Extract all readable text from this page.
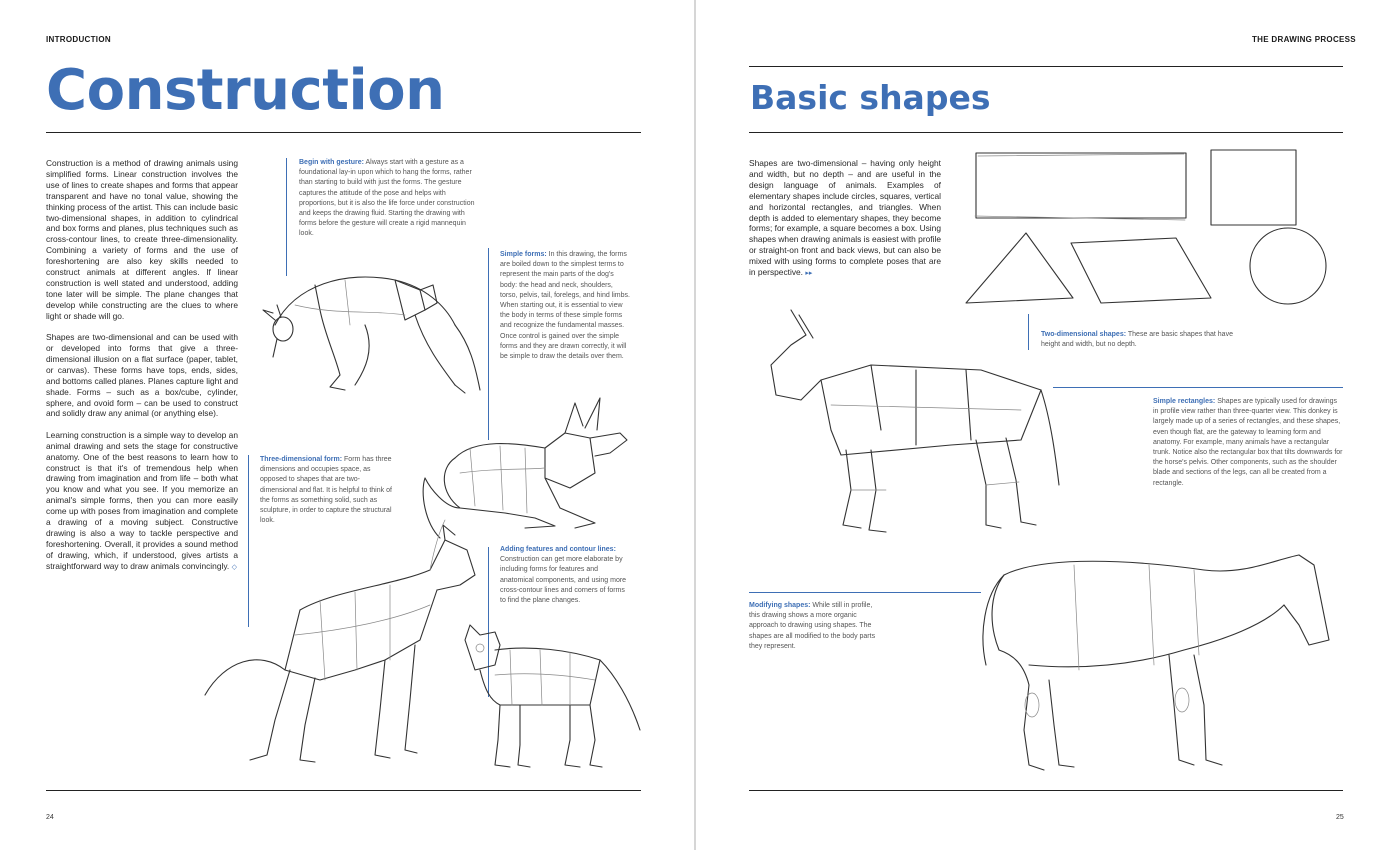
INTRODUCTION
Construction

Construction is a method of drawing animals using simplified forms. Linear construction involves the use of lines to create shapes and forms that appear transparent and have no tonal value, showing the thinking process of the artist. This can include basic two-dimensional shapes, in addition to cylindrical and box forms and planes, plus techniques such as cross-contour lines, to create three-dimensionality. Combining a variety of forms and the use of foreshortening are also key skills needed to construct animals at different angles. If linear construction is well stated and understood, adding tone later will be simple. The plane changes that develop while constructing are the clues to where light or shade will go.

Shapes are two-dimensional and can be used with or developed into forms that give a three-dimensional illusion on a flat surface (paper, tablet, or canvas). These forms have tops, ends, sides, and bottoms called planes. Planes capture light and shade. Forms – such as a box/cube, cylinder, sphere, and ovoid form – can be used to construct and solidly draw any animal (or anything else).

Learning construction is a simple way to develop an animal drawing and sets the stage for constructive anatomy. One of the best reasons to learn how to construct is that it's of tremendous help when drawing from imagination and from life – both what you know and what you see. If you memorize an animal's simple forms, then you can more easily come up with poses from imagination and complete a drawing of a moving subject. Constructive drawing is also a way to tackle perspective and foreshortening. Overall, it provides a sound method of drawing, which, if understood, gives artists a straightforward way to draw animals convincingly. ◇

Begin with gesture: Always start with a gesture as a foundational lay-in upon which to hang the forms, rather than starting to build with just the forms. The gesture captures the attitude of the pose and helps with proportions, but it is also the life force under construction and keeps the drawing fluid. Starting the drawing with forms before the gesture will create a rigid mannequin look.
Simple forms: In this drawing, the forms are boiled down to the simplest terms to represent the main parts of the dog's body: the head and neck, shoulders, torso, pelvis, tail, forelegs, and hind limbs. When starting out, it is essential to view the body in terms of these simple forms and recognize the fundamental masses. Once control is gained over the simple forms and they are drawn correctly, it will be simple to draw the details over them.
Three-dimensional form: Form has three dimensions and occupies space, as opposed to shapes that are two-dimensional and flat. It is helpful to think of the forms as something solid, such as sculpture, in order to capture the structural look.
Adding features and contour lines: Construction can get more elaborate by including forms for features and anatomical components, and using more cross-contour lines and corners of forms to find the plane changes.
24
THE DRAWING PROCESS
Basic shapes

Shapes are two-dimensional – having only height and width, but no depth – and are useful in the design language of animals. Examples of elementary shapes include circles, squares, vertical and horizontal rectangles, and triangles. When depth is added to elementary shapes, they become forms; for example, a square becomes a box. Using shapes when drawing animals is easiest with profile or straight-on front and back views, but can also be mixed with using forms to complete poses that are in perspective. ▸▸

Two-dimensional shapes: These are basic shapes that have height and width, but no depth.
Simple rectangles: Shapes are typically used for drawings in profile view rather than three-quarter view. This donkey is largely made up of a series of rectangles, and these shapes, even though flat, are the gateway to learning form and anatomy. For example, many animals have a rectangular trunk. Notice also the rectangular box that tilts downwards for the horse's pelvis. Other components, such as the shoulder blade and sections of the legs, can all be created from a rectangle.
Modifying shapes: While still in profile, this drawing shows a more organic approach to drawing using shapes. The shapes are all modified to the body parts they represent.
25
